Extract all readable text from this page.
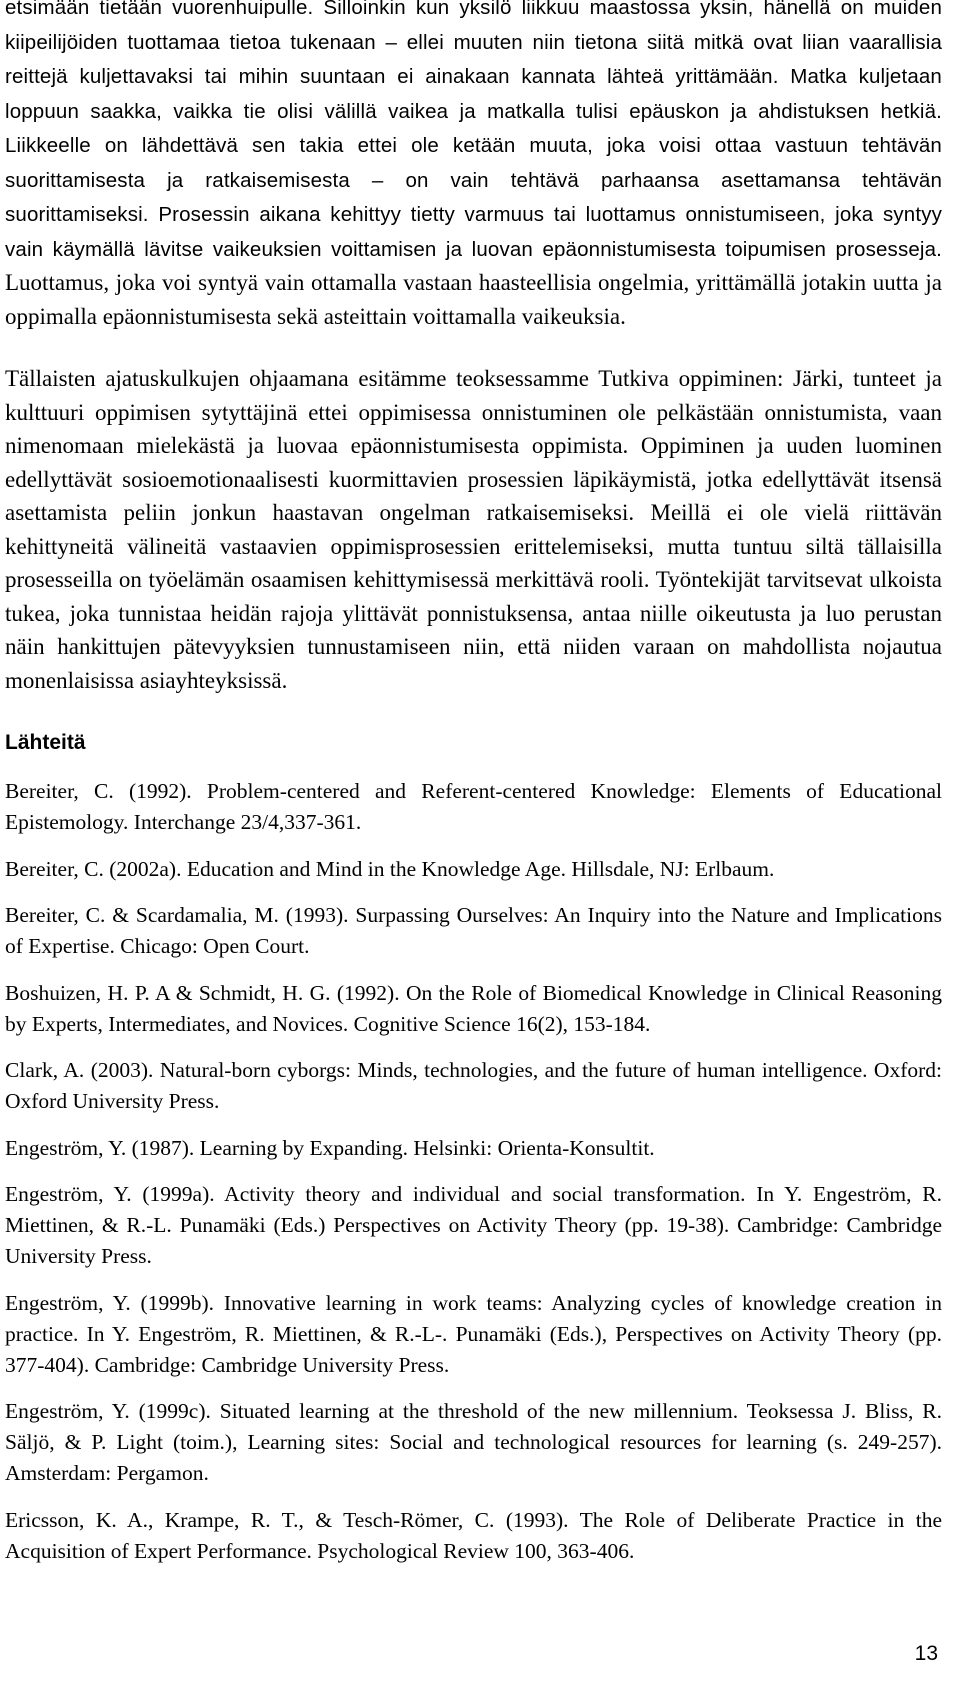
etsimään tietään vuorenhuipulle. Silloinkin kun yksilö liikkuu maastossa yksin, hänellä on muiden kiipeilijöiden tuottamaa tietoa tukenaan – ellei muuten niin tietona siitä mitkä ovat liian vaarallisia reittejä kuljettavaksi tai mihin suuntaan ei ainakaan kannata lähteä yrittämään. Matka kuljetaan loppuun saakka, vaikka tie olisi välillä vaikea ja matkalla tulisi epäuskon ja ahdistuksen hetkiä. Liikkeelle on lähdettävä sen takia ettei ole ketään muuta, joka voisi ottaa vastuun tehtävän suorittamisesta ja ratkaisemisesta – on vain tehtävä parhaansa asettamansa tehtävän suorittamiseksi. Prosessin aikana kehittyy tietty varmuus tai luottamus onnistumiseen, joka syntyy vain käymällä lävitse vaikeuksien voittamisen ja luovan epäonnistumisesta toipumisen prosesseja. Luottamus, joka voi syntyä vain ottamalla vastaan haasteellisia ongelmia, yrittämällä jotakin uutta ja oppimalla epäonnistumisesta sekä asteittain voittamalla vaikeuksia.

Tällaisten ajatuskulkujen ohjaamana esitämme teoksessamme Tutkiva oppiminen: Järki, tunteet ja kulttuuri oppimisen sytyttäjinä ettei oppimisessa onnistuminen ole pelkästään onnistumista, vaan nimenomaan mielekästä ja luovaa epäonnistumisesta oppimista. Oppiminen ja uuden luominen edellyttävät sosioemotionaalisesti kuormittavien prosessien läpikäymistä, jotka edellyttävät itsensä asettamista peliin jonkun haastavan ongelman ratkaisemiseksi. Meillä ei ole vielä riittävän kehittyneitä välineitä vastaavien oppimisprosessien erittelemiseksi, mutta tuntuu siltä tällaisilla prosesseilla on työelämän osaamisen kehittymisessä merkittävä rooli. Työntekijät tarvitsevat ulkoista tukea, joka tunnistaa heidän rajoja ylittävät ponnistuksensa, antaa niille oikeutusta ja luo perustan näin hankittujen pätevyyksien tunnustamiseen niin, että niiden varaan on mahdollista nojautua monenlaisissa asiayhteyksissä.

Lähteitä
Bereiter, C. (1992). Problem-centered and Referent-centered Knowledge: Elements of Educational Epistemology. Interchange 23/4,337-361.
Bereiter, C. (2002a). Education and Mind in the Knowledge Age. Hillsdale, NJ: Erlbaum.
Bereiter, C. & Scardamalia, M. (1993). Surpassing Ourselves: An Inquiry into the Nature and Implications of Expertise. Chicago: Open Court.
Boshuizen, H. P. A & Schmidt, H. G. (1992). On the Role of Biomedical Knowledge in Clinical Reasoning by Experts, Intermediates, and Novices. Cognitive Science 16(2), 153-184.
Clark, A. (2003). Natural-born cyborgs: Minds, technologies, and the future of human intelligence. Oxford: Oxford University Press.
Engeström, Y. (1987). Learning by Expanding. Helsinki: Orienta-Konsultit.
Engeström, Y. (1999a). Activity theory and individual and social transformation. In Y. Engeström, R. Miettinen, & R.-L. Punamäki (Eds.) Perspectives on Activity Theory (pp. 19-38). Cambridge: Cambridge University Press.
Engeström, Y. (1999b). Innovative learning in work teams: Analyzing cycles of knowledge creation in practice. In Y. Engeström, R. Miettinen, & R.-L-. Punamäki (Eds.), Perspectives on Activity Theory (pp. 377-404). Cambridge: Cambridge University Press.
Engeström, Y. (1999c). Situated learning at the threshold of the new millennium. Teoksessa J. Bliss, R. Säljö, & P. Light (toim.), Learning sites: Social and technological resources for learning (s. 249-257). Amsterdam: Pergamon.
Ericsson, K. A., Krampe, R. T., & Tesch-Römer, C. (1993). The Role of Deliberate Practice in the Acquisition of Expert Performance. Psychological Review 100, 363-406.
13
